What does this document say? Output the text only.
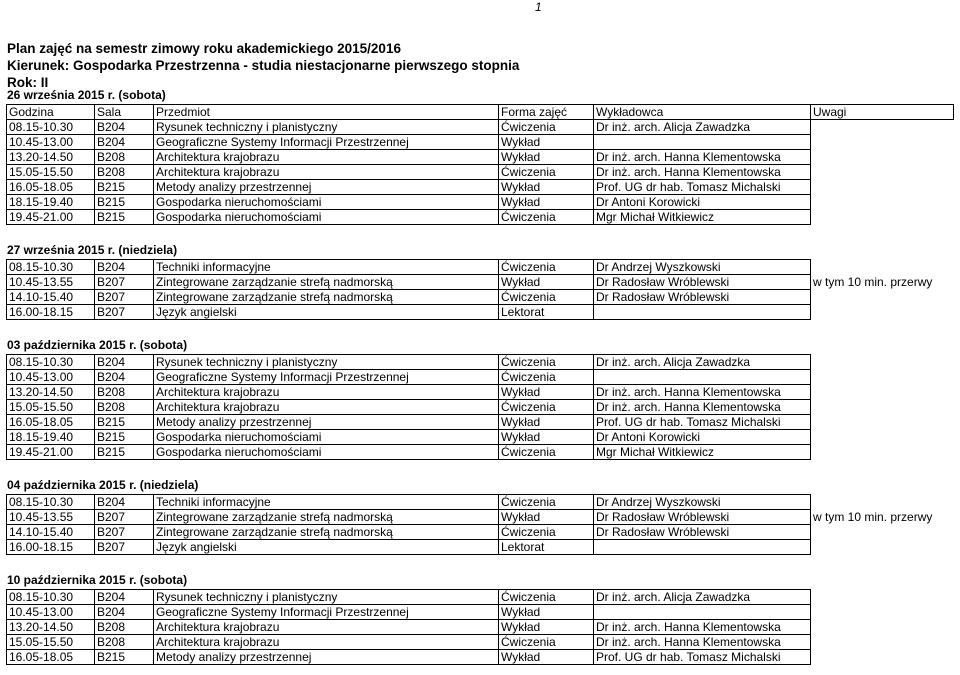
1
Plan zajęć na semestr zimowy roku akademickiego 2015/2016
Kierunek: Gospodarka Przestrzenna - studia niestacjonarne pierwszego stopnia
Rok: II
26 września 2015 r. (sobota)
Godzina	Sala	Przedmiot	Forma zajęć	Wykładowca	Uwagi
08.15-10.30	B204	Rysunek techniczny i planistyczny	Ćwiczenia	Dr inż. arch. Alicja Zawadzka	
10.45-13.00	B204	Geograficzne Systemy Informacji Przestrzennej	Wykład		
13.20-14.50	B208	Architektura krajobrazu	Wykład	Dr inż. arch. Hanna Klementowska	
15.05-15.50	B208	Architektura krajobrazu	Ćwiczenia	Dr inż. arch. Hanna Klementowska	
16.05-18.05	B215	Metody analizy przestrzennej	Wykład	Prof. UG dr hab. Tomasz Michalski	
18.15-19.40	B215	Gospodarka nieruchomościami	Wykład	Dr Antoni Korowicki	
19.45-21.00	B215	Gospodarka nieruchomościami	Ćwiczenia	Mgr Michał Witkiewicz	
27 września 2015 r. (niedziela)
08.15-10.30	B204	Techniki informacyjne	Ćwiczenia	Dr Andrzej Wyszkowski	
10.45-13.55	B207	Zintegrowane zarządzanie strefą nadmorską	Wykład	Dr Radosław Wróblewski	w tym 10 min. przerwy
14.10-15.40	B207	Zintegrowane zarządzanie strefą nadmorską	Ćwiczenia	Dr Radosław Wróblewski	
16.00-18.15	B207	Język angielski	Lektorat		
03 października 2015 r. (sobota)
08.15-10.30	B204	Rysunek techniczny i planistyczny	Ćwiczenia	Dr inż. arch. Alicja Zawadzka	
10.45-13.00	B204	Geograficzne Systemy Informacji Przestrzennej	Ćwiczenia		
13.20-14.50	B208	Architektura krajobrazu	Wykład	Dr inż. arch. Hanna Klementowska	
15.05-15.50	B208	Architektura krajobrazu	Ćwiczenia	Dr inż. arch. Hanna Klementowska	
16.05-18.05	B215	Metody analizy przestrzennej	Wykład	Prof. UG dr hab. Tomasz Michalski	
18.15-19.40	B215	Gospodarka nieruchomościami	Wykład	Dr Antoni Korowicki	
19.45-21.00	B215	Gospodarka nieruchomościami	Ćwiczenia	Mgr Michał Witkiewicz	
04 października 2015 r. (niedziela)
08.15-10.30	B204	Techniki informacyjne	Ćwiczenia	Dr Andrzej Wyszkowski	
10.45-13.55	B207	Zintegrowane zarządzanie strefą nadmorską	Wykład	Dr Radosław Wróblewski	w tym 10 min. przerwy
14.10-15.40	B207	Zintegrowane zarządzanie strefą nadmorską	Ćwiczenia	Dr Radosław Wróblewski	
16.00-18.15	B207	Język angielski	Lektorat		
10 października 2015 r. (sobota)
08.15-10.30	B204	Rysunek techniczny i planistyczny	Ćwiczenia	Dr inż. arch. Alicja Zawadzka	
10.45-13.00	B204	Geograficzne Systemy Informacji Przestrzennej	Wykład		
13.20-14.50	B208	Architektura krajobrazu	Wykład	Dr inż. arch. Hanna Klementowska	
15.05-15.50	B208	Architektura krajobrazu	Ćwiczenia	Dr inż. arch. Hanna Klementowska	
16.05-18.05	B215	Metody analizy przestrzennej	Wykład	Prof. UG dr hab. Tomasz Michalski	
